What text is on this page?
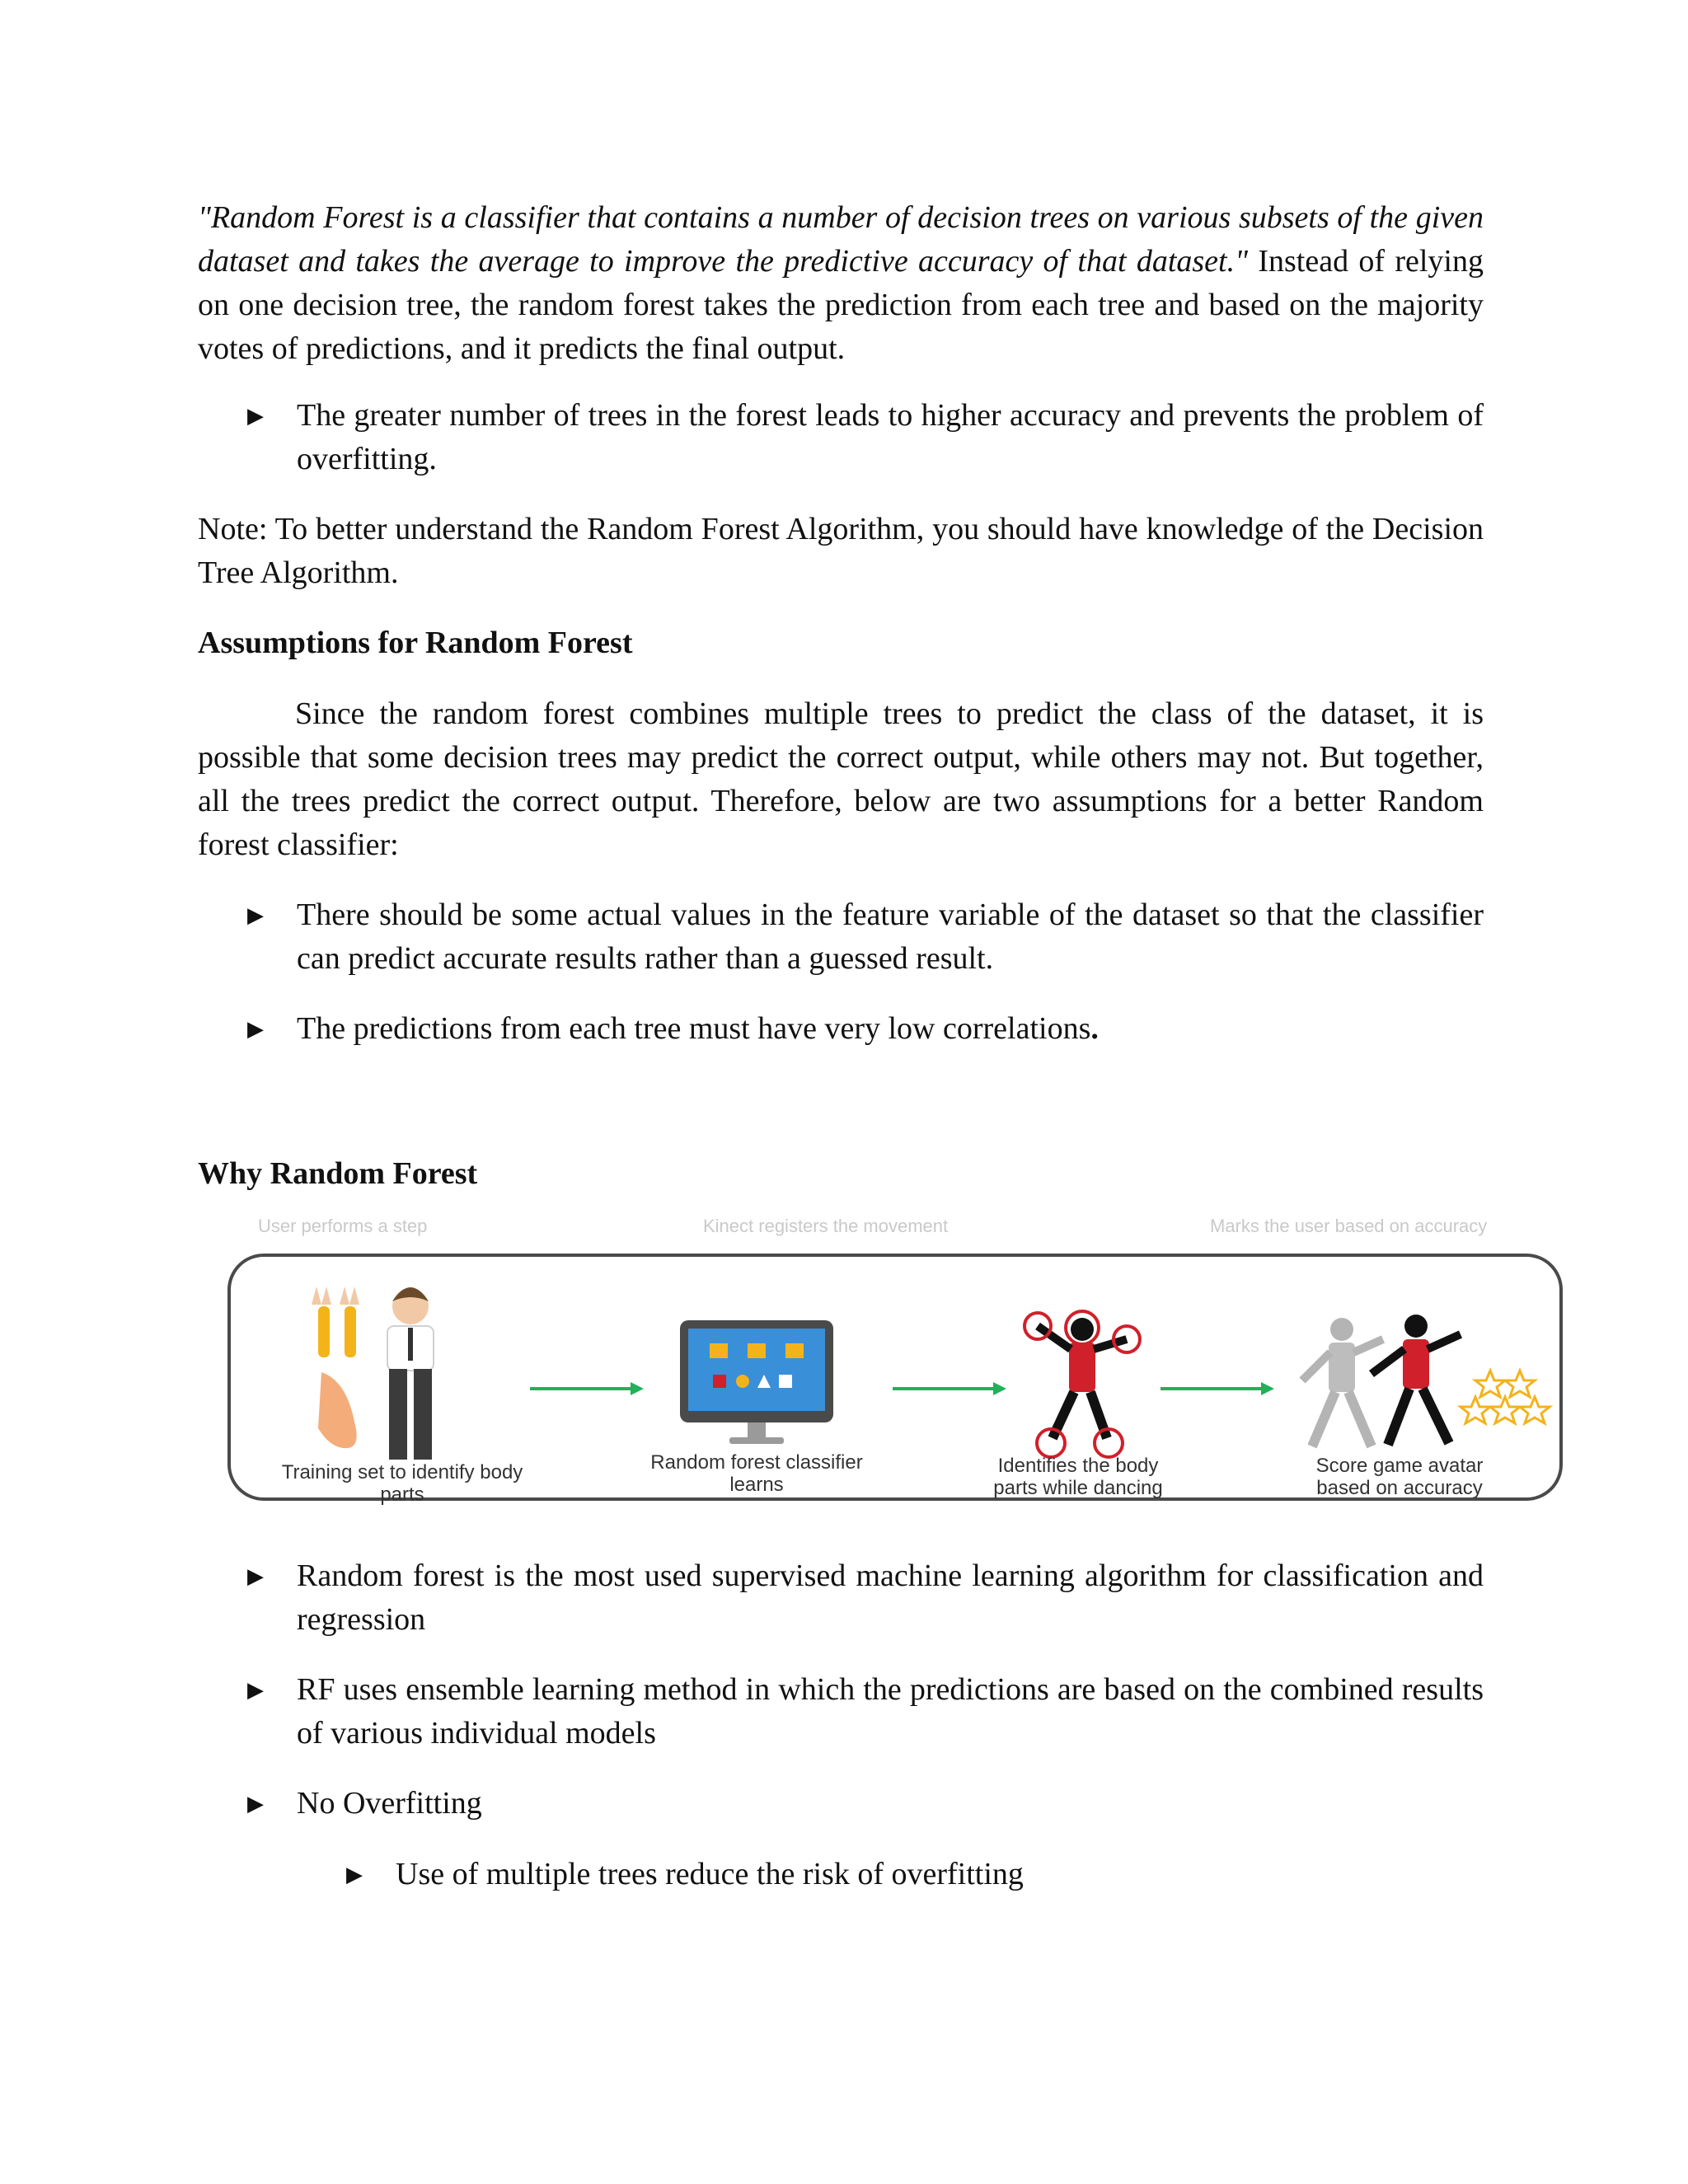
"Random Forest is a classifier that contains a number of decision trees on various subsets of the given dataset and takes the average to improve the predictive accuracy of that dataset." Instead of relying on one decision tree, the random forest takes the prediction from each tree and based on the majority votes of predictions, and it predicts the final output.

▶ The greater number of trees in the forest leads to higher accuracy and prevents the problem of overfitting.

Note: To better understand the Random Forest Algorithm, you should have knowledge of the Decision Tree Algorithm.

Assumptions for Random Forest

Since the random forest combines multiple trees to predict the class of the dataset, it is possible that some decision trees may predict the correct output, while others may not. But together, all the trees predict the correct output. Therefore, below are two assumptions for a better Random forest classifier:

▶ There should be some actual values in the feature variable of the dataset so that the classifier can predict accurate results rather than a guessed result.
▶ The predictions from each tree must have very low correlations.

Why Random Forest

User performs a step	Kinect registers the movement	Marks the user based on accuracy
Training set to identify body
parts
Random forest classifier
learns
Identifies the body
parts while dancing
Score game avatar
based on accuracy
▶ Random forest is the most used supervised machine learning algorithm for classification and regression
▶ RF uses ensemble learning method in which the predictions are based on the combined results of various individual models
▶ No Overfitting
▶ Use of multiple trees reduce the risk of overfitting
